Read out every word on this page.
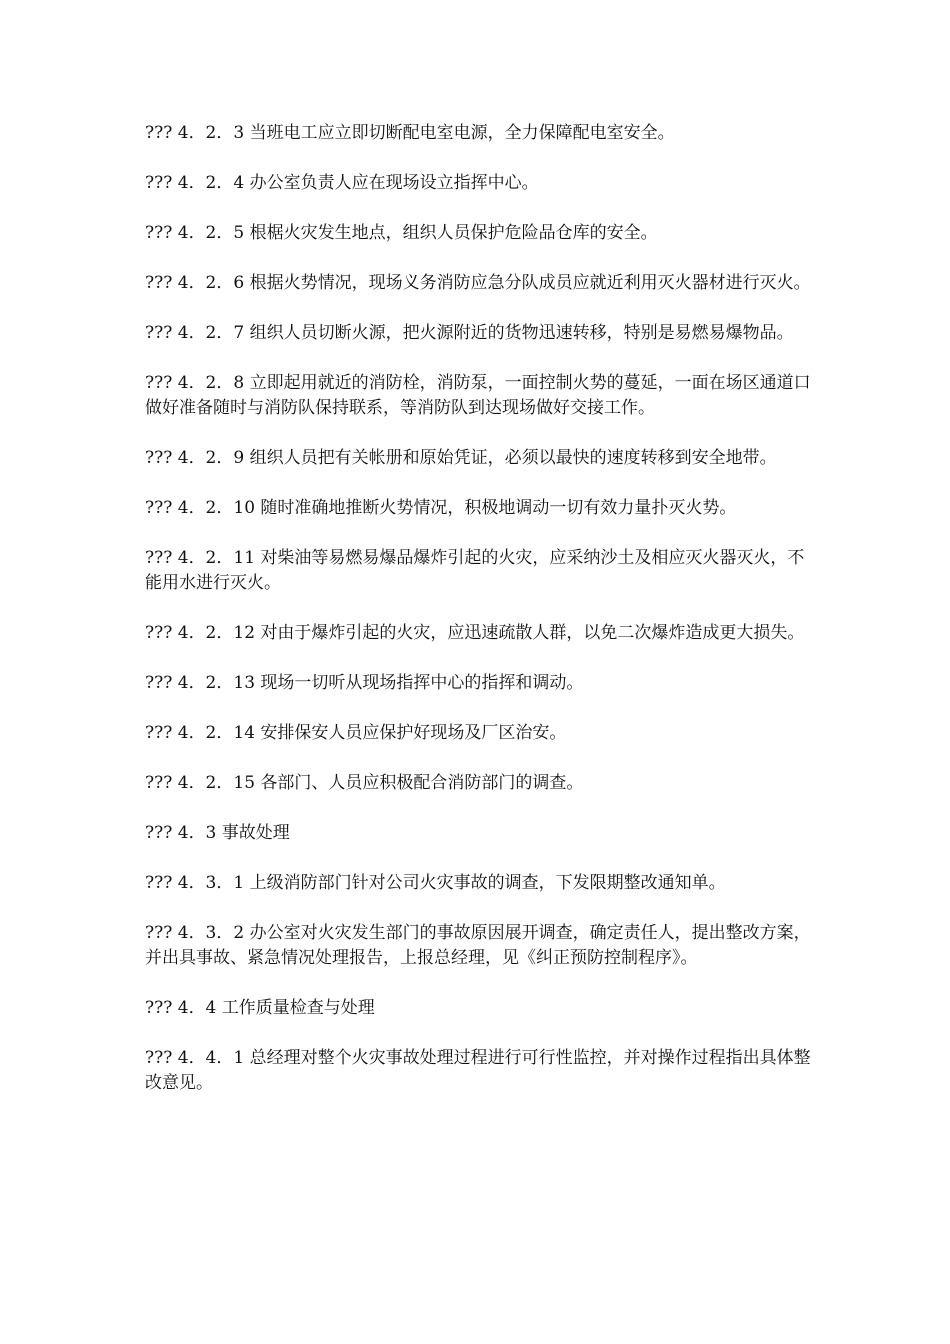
??? 4．2．3 当班电工应立即切断配电室电源，全力保障配电室安全。

??? 4．2．4 办公室负责人应在现场设立指挥中心。

??? 4．2．5 根椐火灾发生地点，组织人员保护危险品仓库的安全。

??? 4．2．6 根据火势情况，现场义务消防应急分队成员应就近利用灭火器材进行灭火。

??? 4．2．7 组织人员切断火源，把火源附近的货物迅速转移，特别是易燃易爆物品。

??? 4．2．8 立即起用就近的消防栓，消防泵，一面控制火势的蔓延，一面在场区通道口做好准备随时与消防队保持联系，等消防队到达现场做好交接工作。

??? 4．2．9 组织人员把有关帐册和原始凭证，必须以最快的速度转移到安全地带。

??? 4．2．10 随时准确地推断火势情况，积极地调动一切有效力量扑灭火势。

??? 4．2．11 对柴油等易燃易爆品爆炸引起的火灾，应采纳沙土及相应灭火器灭火，不能用水进行灭火。

??? 4．2．12 对由于爆炸引起的火灾，应迅速疏散人群，以免二次爆炸造成更大损失。

??? 4．2．13 现场一切听从现场指挥中心的指挥和调动。

??? 4．2．14 安排保安人员应保护好现场及厂区治安。

??? 4．2．15 各部门、人员应积极配合消防部门的调查。

??? 4．3 事故处理

??? 4．3．1 上级消防部门针对公司火灾事故的调查，下发限期整改通知单。

??? 4．3．2 办公室对火灾发生部门的事故原因展开调查，确定责任人，提出整改方案，并出具事故、紧急情况处理报告，上报总经理，见《纠正预防控制程序》。

??? 4．4 工作质量检查与处理

??? 4．4．1 总经理对整个火灾事故处理过程进行可行性监控，并对操作过程指出具体整改意见。
